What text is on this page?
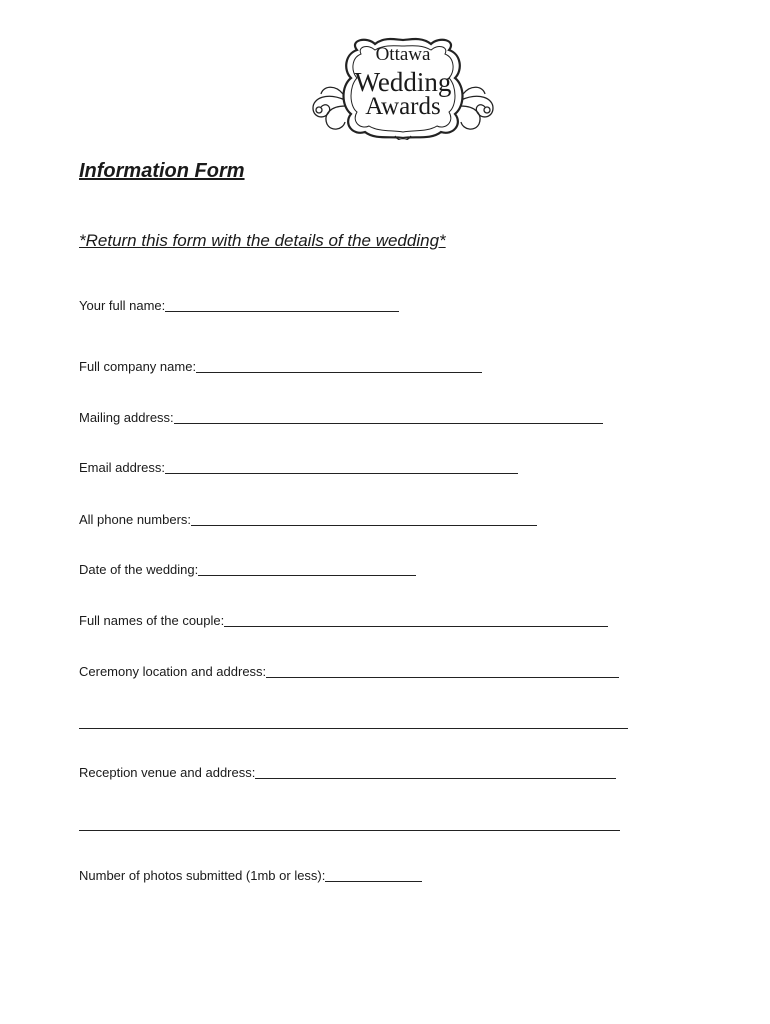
Ottawa
Wedding
Awards
Information Form
*Return this form with the details of the wedding*
Your full name:
Full company name:
Mailing address:
Email address:
All phone numbers:
Date of the wedding:
Full names of the couple:
Ceremony location and address:
Reception venue and address:
Number of photos submitted (1mb or less):
